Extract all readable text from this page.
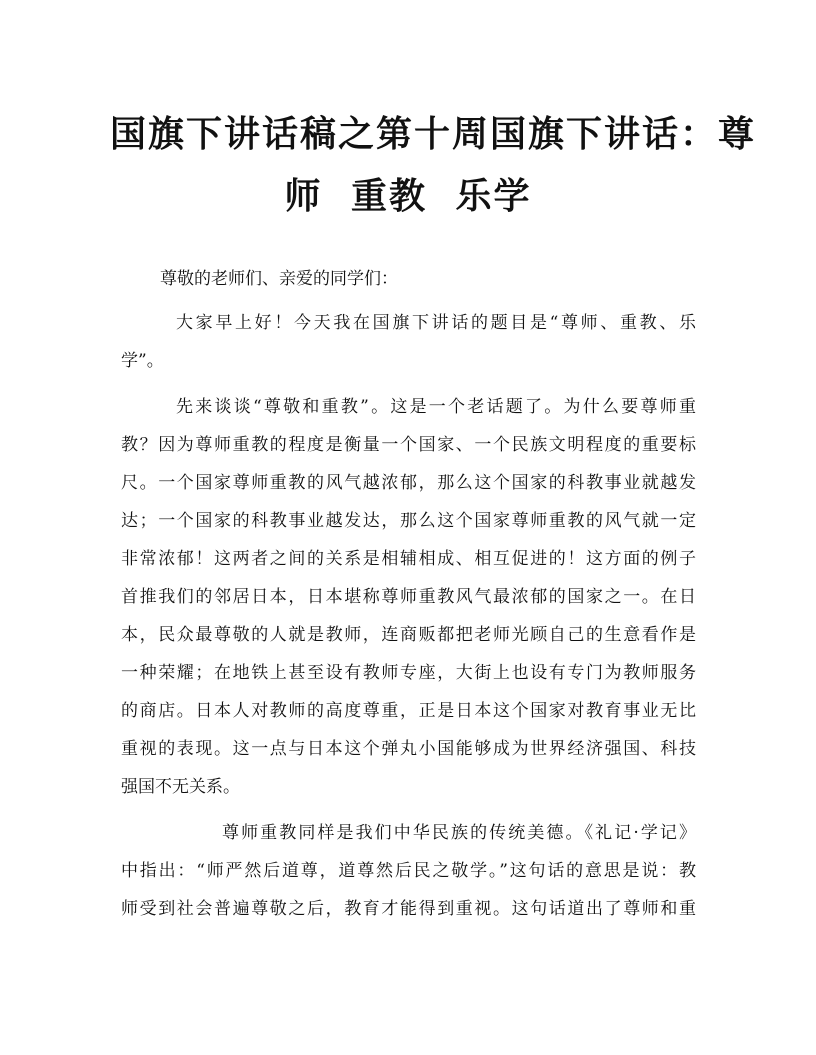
国旗下讲话稿之第十周国旗下讲话：尊
师 重教 乐学
尊敬的老师们、亲爱的同学们：
大家早上好！今天我在国旗下讲话的题目是“尊师、重教、乐
学”。
先来谈谈“尊敬和重教”。这是一个老话题了。为什么要尊师重
教？因为尊师重教的程度是衡量一个国家、一个民族文明程度的重要标
尺。一个国家尊师重教的风气越浓郁，那么这个国家的科教事业就越发
达；一个国家的科教事业越发达，那么这个国家尊师重教的风气就一定
非常浓郁！这两者之间的关系是相辅相成、相互促进的！这方面的例子
首推我们的邻居日本，日本堪称尊师重教风气最浓郁的国家之一。在日
本，民众最尊敬的人就是教师，连商贩都把老师光顾自己的生意看作是
一种荣耀；在地铁上甚至设有教师专座，大街上也设有专门为教师服务
的商店。日本人对教师的高度尊重，正是日本这个国家对教育事业无比
重视的表现。这一点与日本这个弹丸小国能够成为世界经济强国、科技
强国不无关系。
尊师重教同样是我们中华民族的传统美德。《礼记·学记》
中指出：“师严然后道尊，道尊然后民之敬学。”这句话的意思是说：教
师受到社会普遍尊敬之后，教育才能得到重视。这句话道出了尊师和重
